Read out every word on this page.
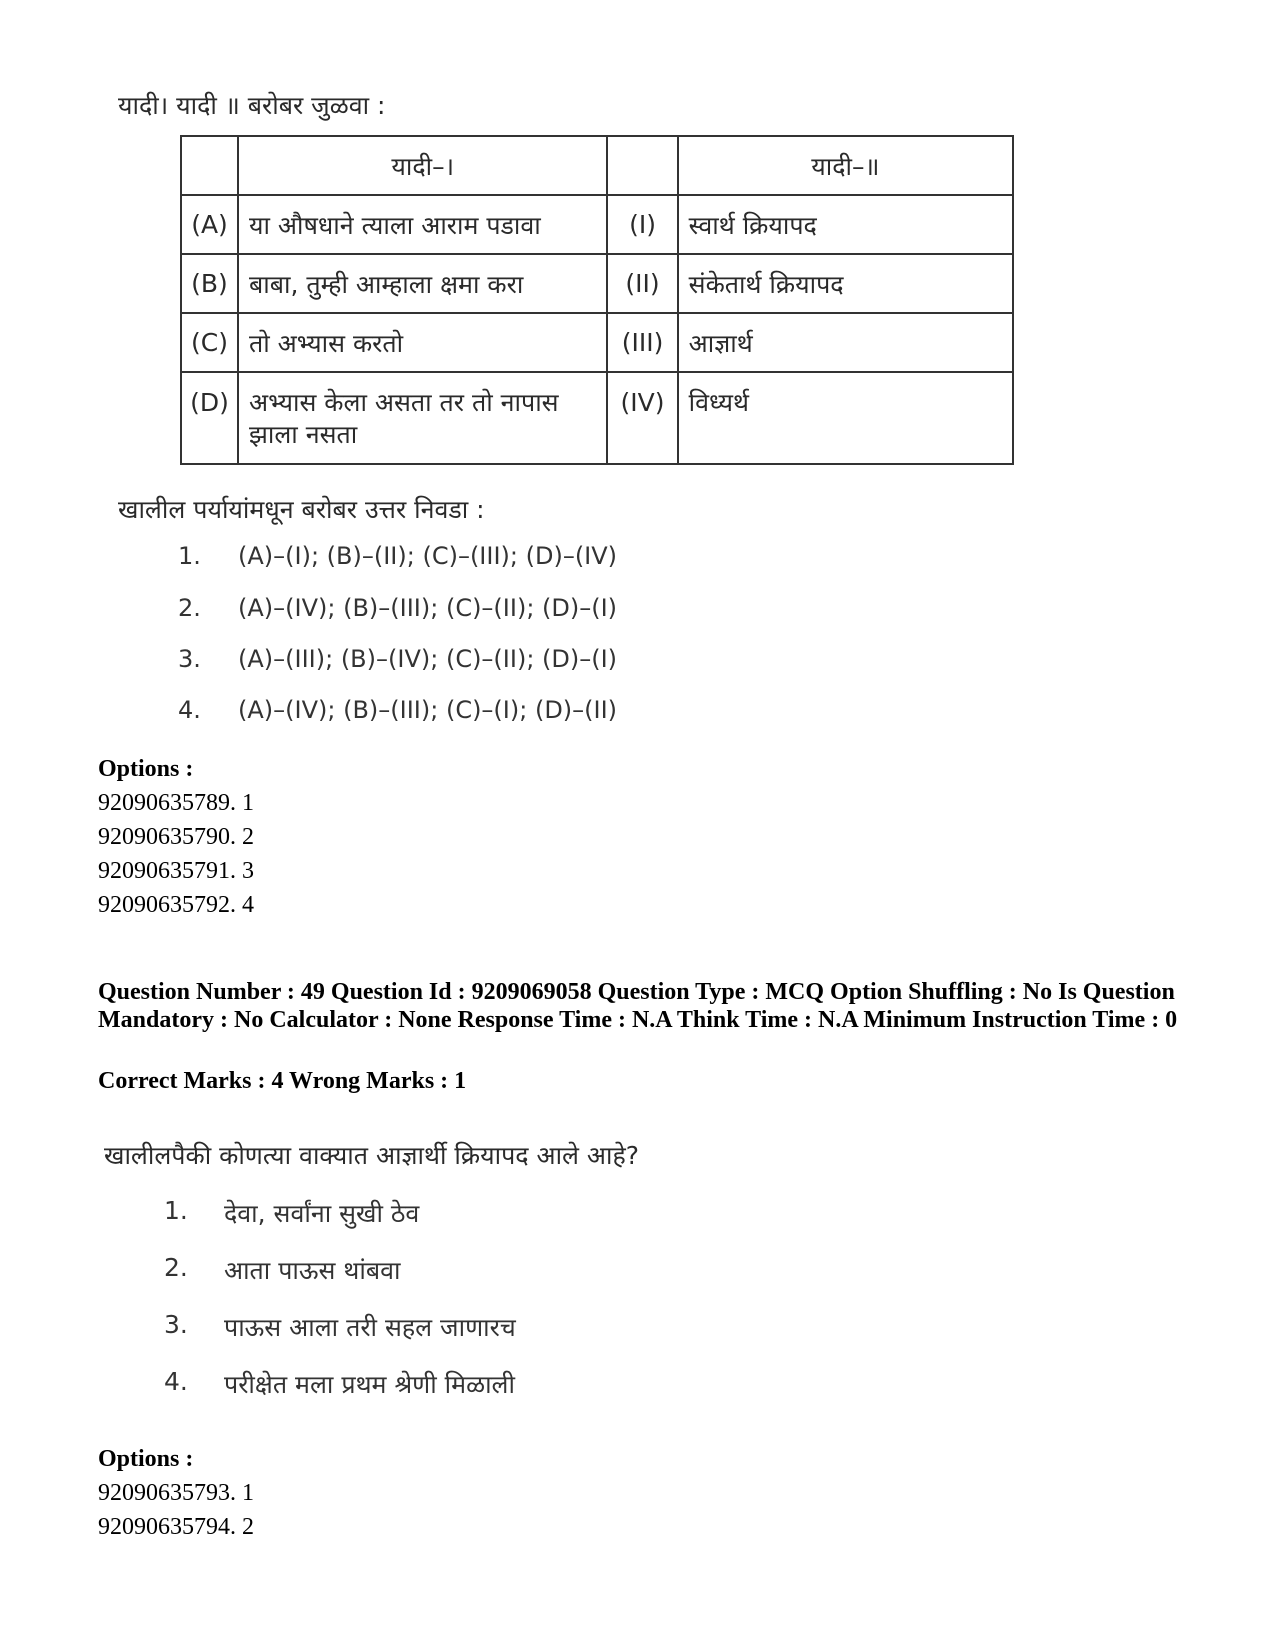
यादी। यादी ॥ बरोबर जुळवा :
	यादी–।		यादी–॥
(A)	या औषधाने त्याला आराम पडावा	(I)	स्वार्थ क्रियापद
(B)	बाबा, तुम्ही आम्हाला क्षमा करा	(II)	संकेतार्थ क्रियापद
(C)	तो अभ्यास करतो	(III)	आज्ञार्थ
(D)	अभ्यास केला असता तर तो नापास झाला नसता	(IV)	विध्यर्थ
खालील पर्यायांमधून बरोबर उत्तर निवडा :
1.	(A)–(I); (B)–(II); (C)–(III); (D)–(IV)
2.	(A)–(IV); (B)–(III); (C)–(II); (D)–(I)
3.	(A)–(III); (B)–(IV); (C)–(II); (D)–(I)
4.	(A)–(IV); (B)–(III); (C)–(I); (D)–(II)
Options :
92090635789. 1
92090635790. 2
92090635791. 3
92090635792. 4
Question Number : 49 Question Id : 9209069058 Question Type : MCQ Option Shuffling : No Is Question Mandatory : No Calculator : None Response Time : N.A Think Time : N.A Minimum Instruction Time : 0
Correct Marks : 4 Wrong Marks : 1
खालीलपैकी कोणत्या वाक्यात आज्ञार्थी क्रियापद आले आहे?
1.	देवा, सर्वांना सुखी ठेव
2.	आता पाऊस थांबवा
3.	पाऊस आला तरी सहल जाणारच
4.	परीक्षेत मला प्रथम श्रेणी मिळाली
Options :
92090635793. 1
92090635794. 2
